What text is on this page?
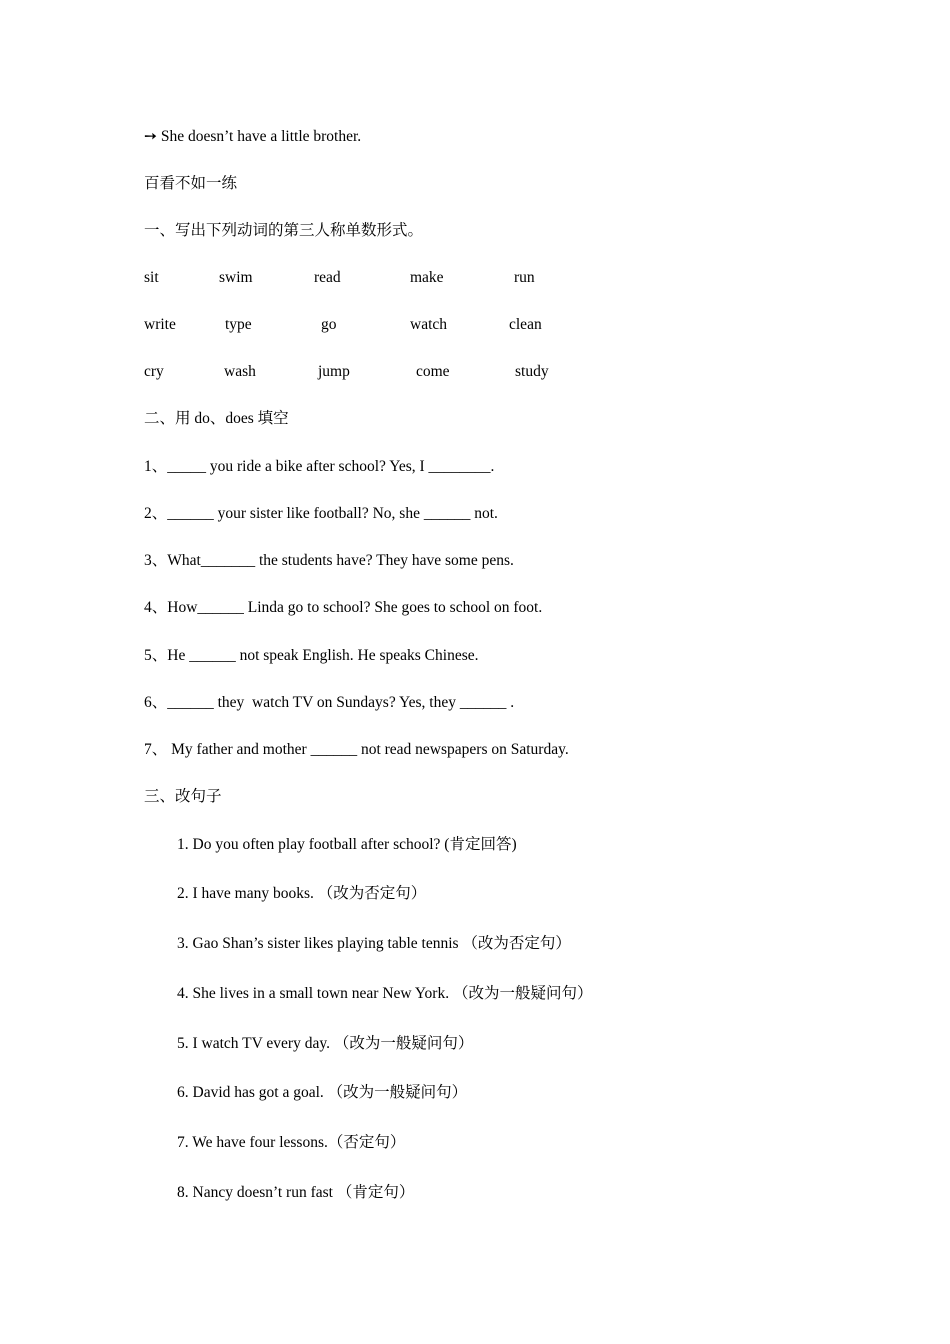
➙ She doesn’t have a little brother.
百看不如一练
一、写出下列动词的第三人称单数形式。
sit	swim	read	make	run
write	type	go	watch	clean
cry	wash	jump	come	study
二、用 do、does 填空
1、_____ you ride a bike after school? Yes, I ________.
2、______ your sister like football? No, she ______ not.
3、What_______ the students have? They have some pens.
4、How______ Linda go to school? She goes to school on foot.
5、He ______ not speak English. He speaks Chinese.
6、______ they  watch TV on Sundays? Yes, they ______ .
7、 My father and mother ______ not read newspapers on Saturday.
三、改句子
1. Do you often play football after school? (肯定回答)
2. I have many books. （改为否定句）
3. Gao Shan’s sister likes playing table tennis （改为否定句）
4. She lives in a small town near New York. （改为一般疑问句）
5. I watch TV every day. （改为一般疑问句）
6. David has got a goal. （改为一般疑问句）
7. We have four lessons.（否定句）
8. Nancy doesn’t run fast （肯定句）
